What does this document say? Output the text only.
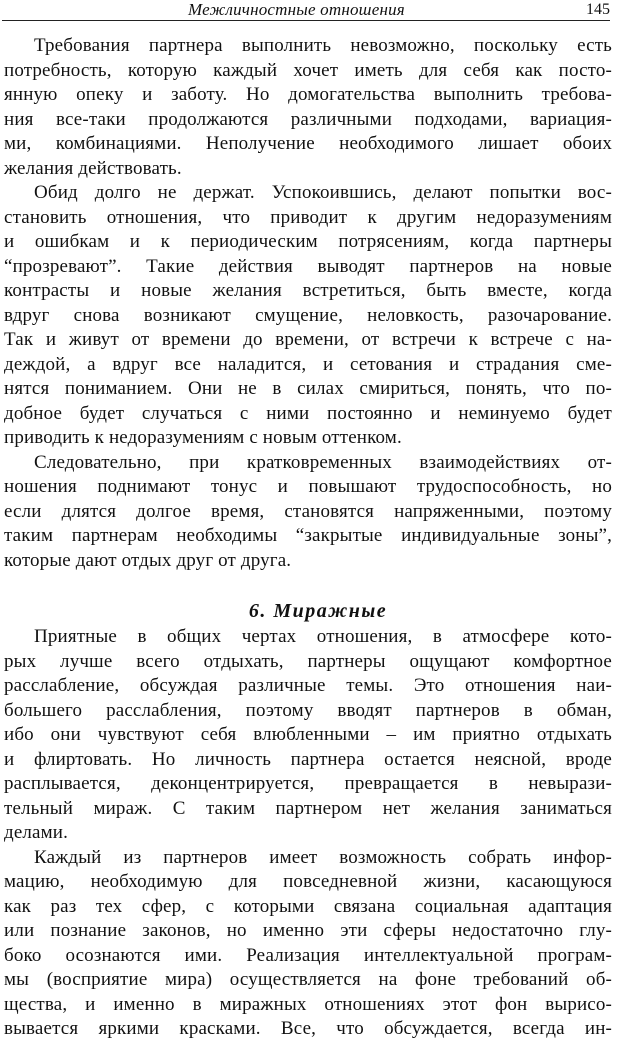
Межличностные отношения	145

Требования партнера выполнить невозможно, поскольку есть
потребность, которую каждый хочет иметь для себя как посто-
янную опеку и заботу. Но домогательства выполнить требова-
ния все-таки продолжаются различными подходами, вариация-
ми, комбинациями. Неполучение необходимого лишает обоих
желания действовать.

Обид долго не держат. Успокоившись, делают попытки вос-
становить отношения, что приводит к другим недоразумениям
и ошибкам и к периодическим потрясениям, когда партнеры
“прозревают”. Такие действия выводят партнеров на новые
контрасты и новые желания встретиться, быть вместе, когда
вдруг снова возникают смущение, неловкость, разочарование.
Так и живут от времени до времени, от встречи к встрече с на-
деждой, а вдруг все наладится, и сетования и страдания сме-
нятся пониманием. Они не в силах смириться, понять, что по-
добное будет случаться с ними постоянно и неминуемо будет
приводить к недоразумениям с новым оттенком.

Следовательно, при кратковременных взаимодействиях от-
ношения поднимают тонус и повышают трудоспособность, но
если длятся долгое время, становятся напряженными, поэтому
таким партнерам необходимы “закрытые индивидуальные зоны”,
которые дают отдых друг от друга.

6. Миражные

Приятные в общих чертах отношения, в атмосфере кото-
рых лучше всего отдыхать, партнеры ощущают комфортное
расслабление, обсуждая различные темы. Это отношения наи-
большего расслабления, поэтому вводят партнеров в обман,
ибо они чувствуют себя влюбленными – им приятно отдыхать
и флиртовать. Но личность партнера остается неясной, вроде
расплывается, деконцентрируется, превращается в невырази-
тельный мираж. С таким партнером нет желания заниматься
делами.

Каждый из партнеров имеет возможность собрать инфор-
мацию, необходимую для повседневной жизни, касающуюся
как раз тех сфер, с которыми связана социальная адаптация
или познание законов, но именно эти сферы недостаточно глу-
боко осознаются ими. Реализация интеллектуальной програм-
мы (восприятие мира) осуществляется на фоне требований об-
щества, и именно в миражных отношениях этот фон вырисо-
вывается яркими красками. Все, что обсуждается, всегда ин-
